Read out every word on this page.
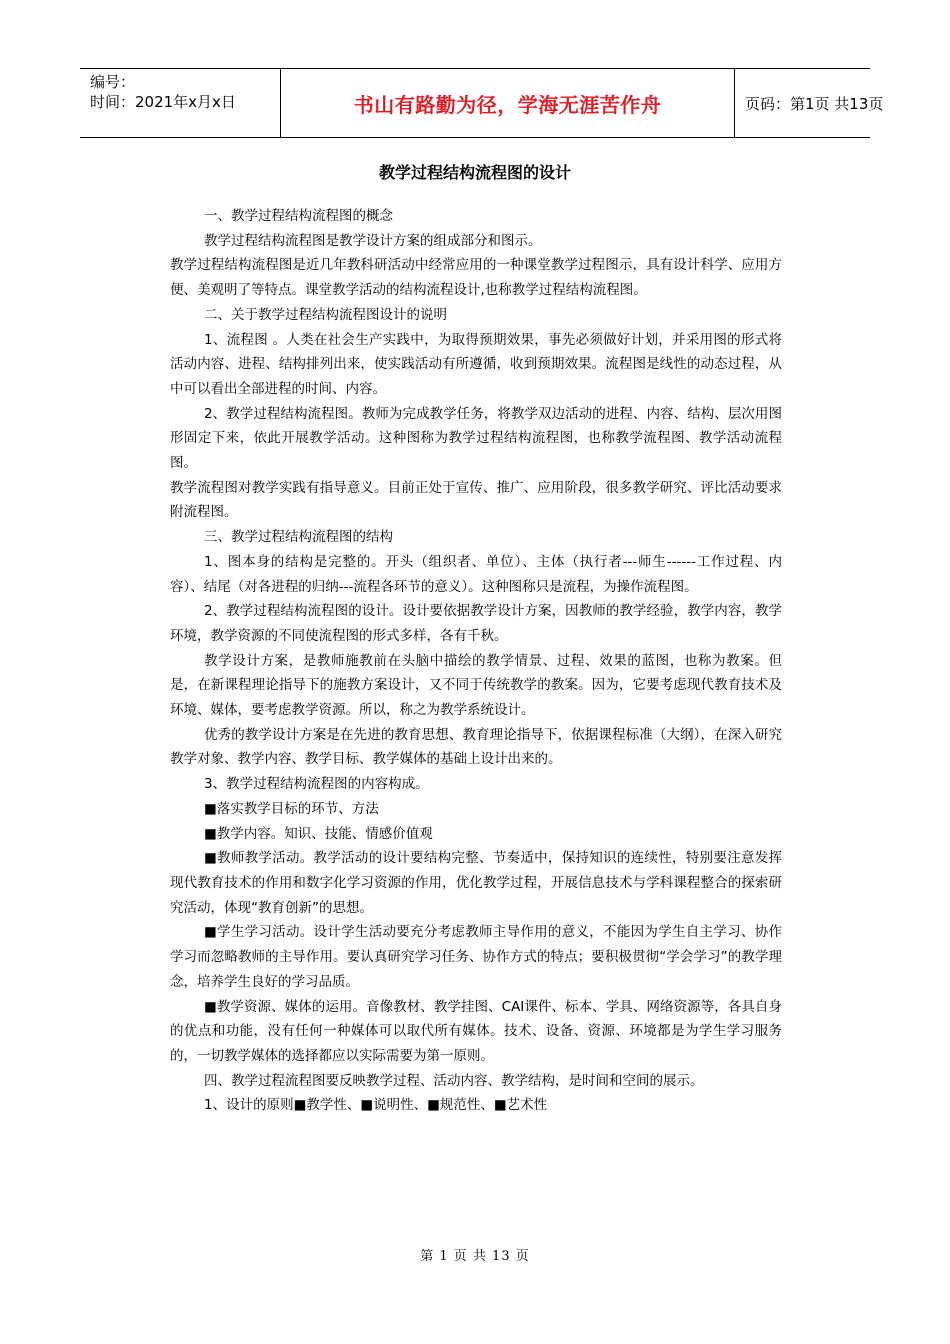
编号：
时间：2021年x月x日	书山有路勤为径，学海无涯苦作舟	页码：第1页 共13页
教学过程结构流程图的设计

一、教学过程结构流程图的概念

教学过程结构流程图是教学设计方案的组成部分和图示。

教学过程结构流程图是近几年教科研活动中经常应用的一种课堂教学过程图示，具有设计科学、应用方便、美观明了等特点。课堂教学活动的结构流程设计,也称教学过程结构流程图。

二、关于教学过程结构流程图设计的说明

1、流程图 。人类在社会生产实践中，为取得预期效果，事先必须做好计划，并采用图的形式将活动内容、进程、结构排列出来，使实践活动有所遵循，收到预期效果。流程图是线性的动态过程，从中可以看出全部进程的时间、内容。

2、教学过程结构流程图。教师为完成教学任务，将教学双边活动的进程、内容、结构、层次用图形固定下来，依此开展教学活动。这种图称为教学过程结构流程图，也称教学流程图、教学活动流程图。

教学流程图对教学实践有指导意义。目前正处于宣传、推广、应用阶段，很多教学研究、评比活动要求附流程图。

三、教学过程结构流程图的结构

1、图本身的结构是完整的。开头（组织者、单位）、主体（执行者---师生------工作过程、内容）、结尾（对各进程的归纳---流程各环节的意义）。这种图称只是流程，为操作流程图。

2、教学过程结构流程图的设计。设计要依据教学设计方案，因教师的教学经验，教学内容，教学环境，教学资源的不同使流程图的形式多样，各有千秋。

教学设计方案，是教师施教前在头脑中描绘的教学情景、过程、效果的蓝图，也称为教案。但是，在新课程理论指导下的施教方案设计，又不同于传统教学的教案。因为，它要考虑现代教育技术及环境、媒体，要考虑教学资源。所以，称之为教学系统设计。

优秀的教学设计方案是在先进的教育思想、教育理论指导下，依据课程标准（大纲），在深入研究教学对象、教学内容、教学目标、教学媒体的基础上设计出来的。

3、教学过程结构流程图的内容构成。

■落实教学目标的环节、方法

■教学内容。知识、技能、情感价值观

■教师教学活动。教学活动的设计要结构完整、节奏适中，保持知识的连续性，特别要注意发挥现代教育技术的作用和数字化学习资源的作用，优化教学过程，开展信息技术与学科课程整合的探索研究活动，体现“教育创新”的思想。

■学生学习活动。设计学生活动要充分考虑教师主导作用的意义，不能因为学生自主学习、协作学习而忽略教师的主导作用。要认真研究学习任务、协作方式的特点；要积极贯彻“学会学习”的教学理念，培养学生良好的学习品质。

■教学资源、媒体的运用。音像教材、教学挂图、CAI课件、标本、学具、网络资源等，各具自身的优点和功能，没有任何一种媒体可以取代所有媒体。技术、设备、资源、环境都是为学生学习服务的，一切教学媒体的选择都应以实际需要为第一原则。

四、教学过程流程图要反映教学过程、活动内容、教学结构，是时间和空间的展示。

1、设计的原则■教学性、■说明性、■规范性、■艺术性

第 1 页 共 13 页
